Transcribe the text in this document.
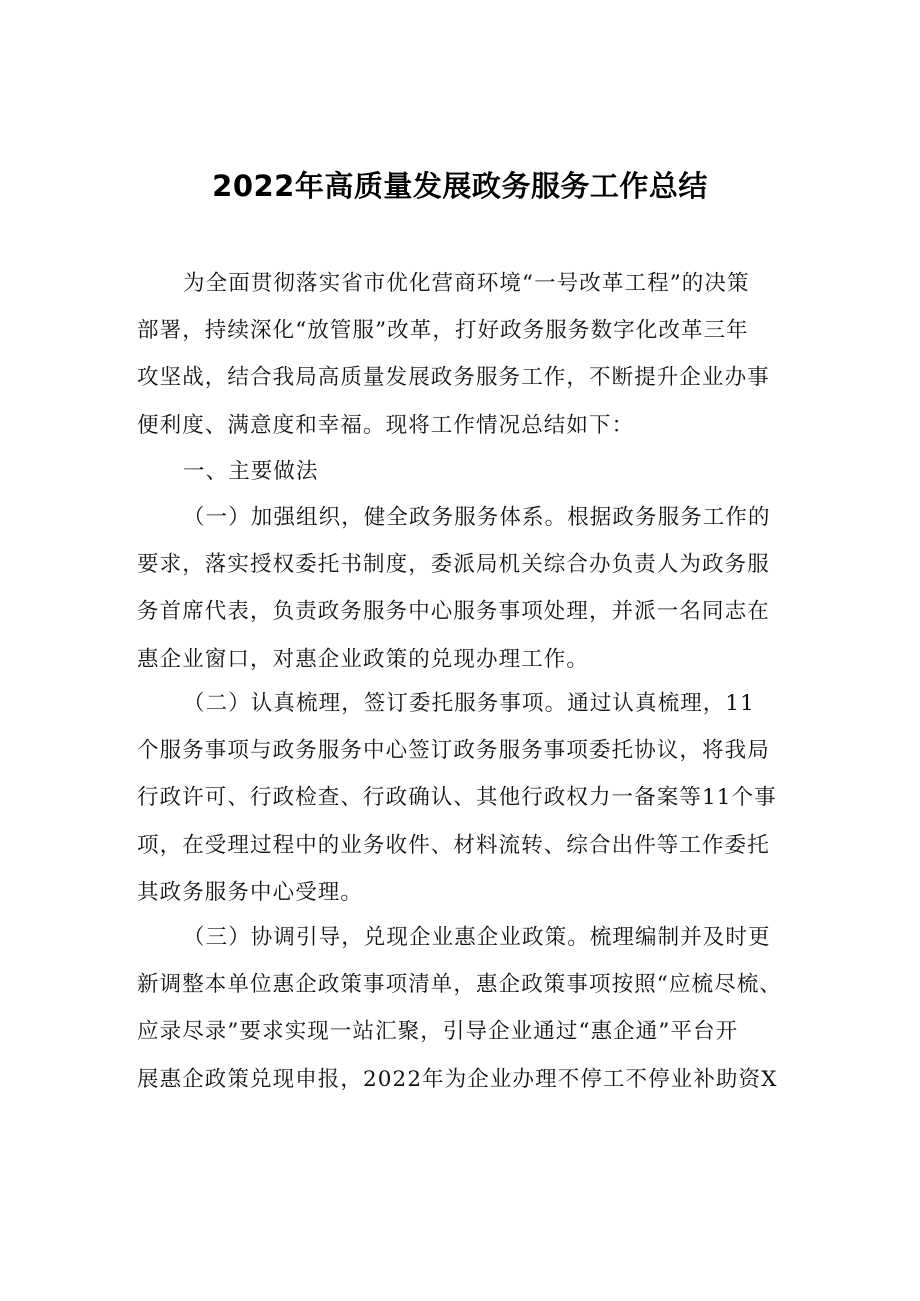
2022年高质量发展政务服务工作总结
为全面贯彻落实省市优化营商环境“一号改革工程”的决策
部署，持续深化“放管服”改革，打好政务服务数字化改革三年
攻坚战，结合我局高质量发展政务服务工作，不断提升企业办事
便利度、满意度和幸福。现将工作情况总结如下：
一、主要做法
（一）加强组织，健全政务服务体系。根据政务服务工作的
要求，落实授权委托书制度，委派局机关综合办负责人为政务服
务首席代表，负责政务服务中心服务事项处理，并派一名同志在
惠企业窗口，对惠企业政策的兑现办理工作。
（二）认真梳理，签订委托服务事项。通过认真梳理，11
个服务事项与政务服务中心签订政务服务事项委托协议，将我局
行政许可、行政检查、行政确认、其他行政权力一备案等11个事
项，在受理过程中的业务收件、材料流转、综合出件等工作委托
其政务服务中心受理。
（三）协调引导，兑现企业惠企业政策。梳理编制并及时更
新调整本单位惠企政策事项清单，惠企政策事项按照“应梳尽梳、
应录尽录”要求实现一站汇聚，引导企业通过“惠企通”平台开
展惠企政策兑现申报，2022年为企业办理不停工不停业补助资X
